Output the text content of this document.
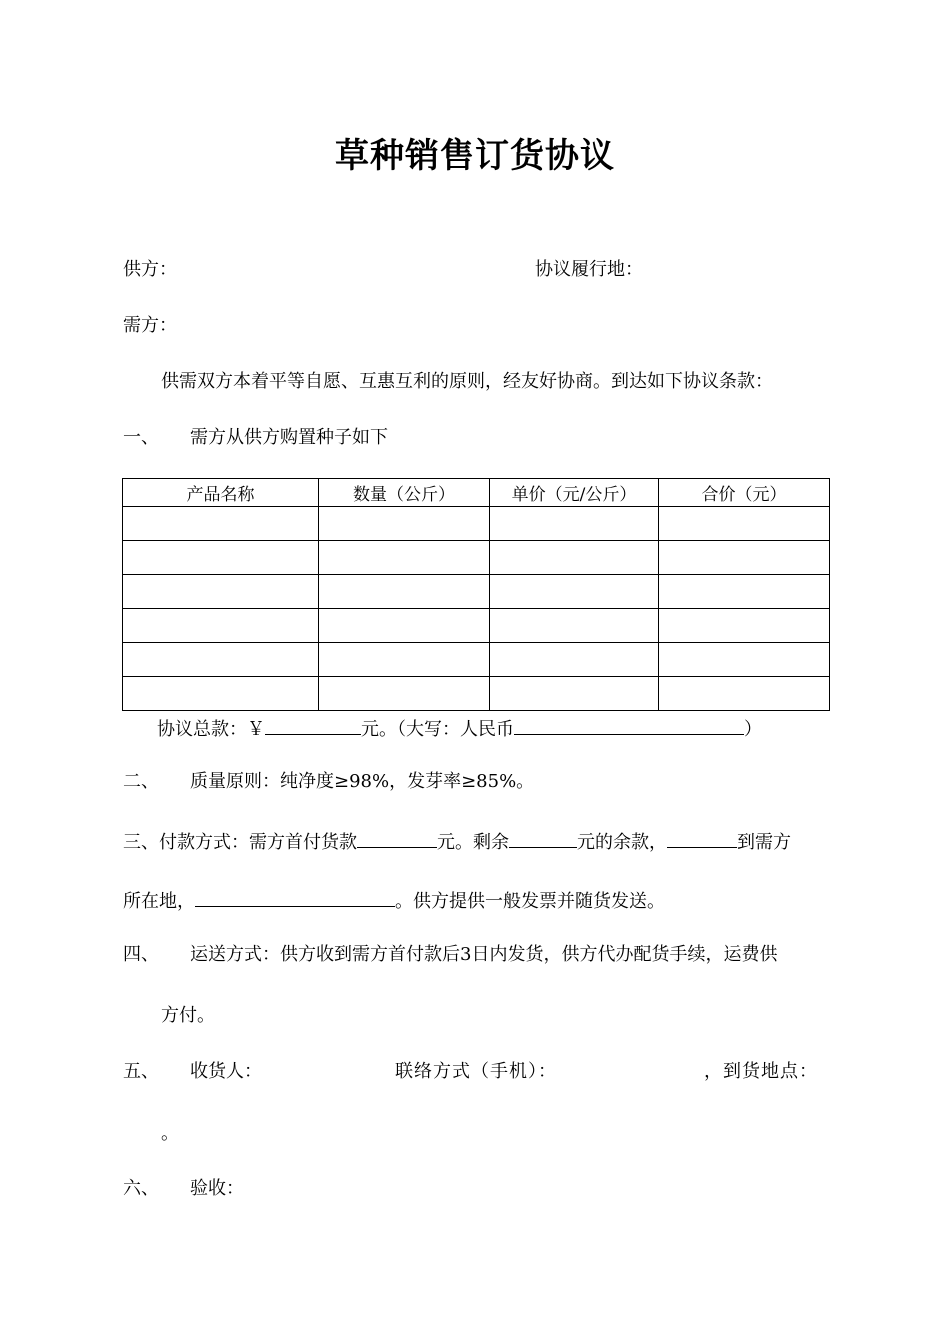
草种销售订货协议
供方：	协议履行地：
需方：
供需双方本着平等自愿、互惠互利的原则，经友好协商。到达如下协议条款：
一、 需方从供方购置种子如下
产品名称	数量（公斤）	单价（元/公斤）	合价（元）

协议总款：￥	元。（大写：人民币	）
二、 质量原则：纯净度≥98%，发芽率≥85%。
三、付款方式：需方首付货款	元。剩余	元的余款，	到需方
所在地，	。供方提供一般发票并随货发送。
四、 运送方式：供方收到需方首付款后3日内发货，供方代办配货手续，运费供
方付。
五、 收货人：	联络方式（手机）：	，到货地点：
。
六、 验收：
